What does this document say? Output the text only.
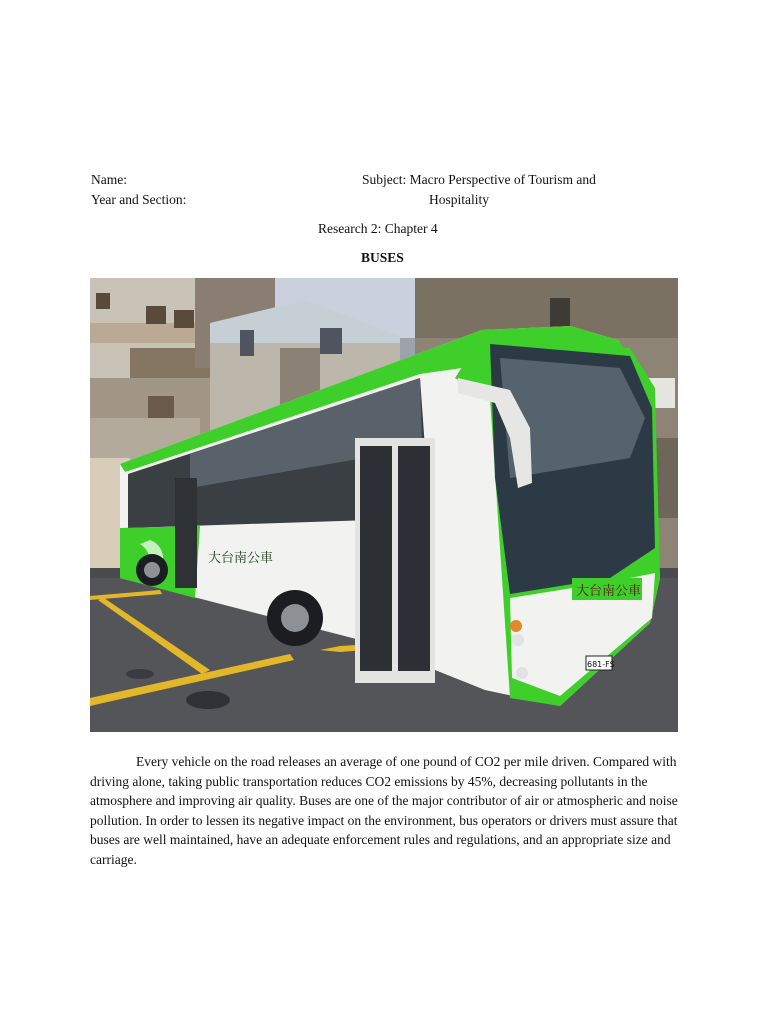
Name:
Year and Section:
Subject: Macro Perspective of Tourism and
Hospitality
Research 2: Chapter 4
BUSES
大台南公車
大台南公車
681-FS
Every vehicle on the road releases an average of one pound of CO2 per mile driven. Compared with driving alone, taking public transportation reduces CO2 emissions by 45%, decreasing pollutants in the atmosphere and improving air quality. Buses are one of the major contributor of air or atmospheric and noise pollution. In order to lessen its negative impact on the environment, bus operators or drivers must assure that buses are well maintained, have an adequate enforcement rules and regulations, and an appropriate size and carriage.
